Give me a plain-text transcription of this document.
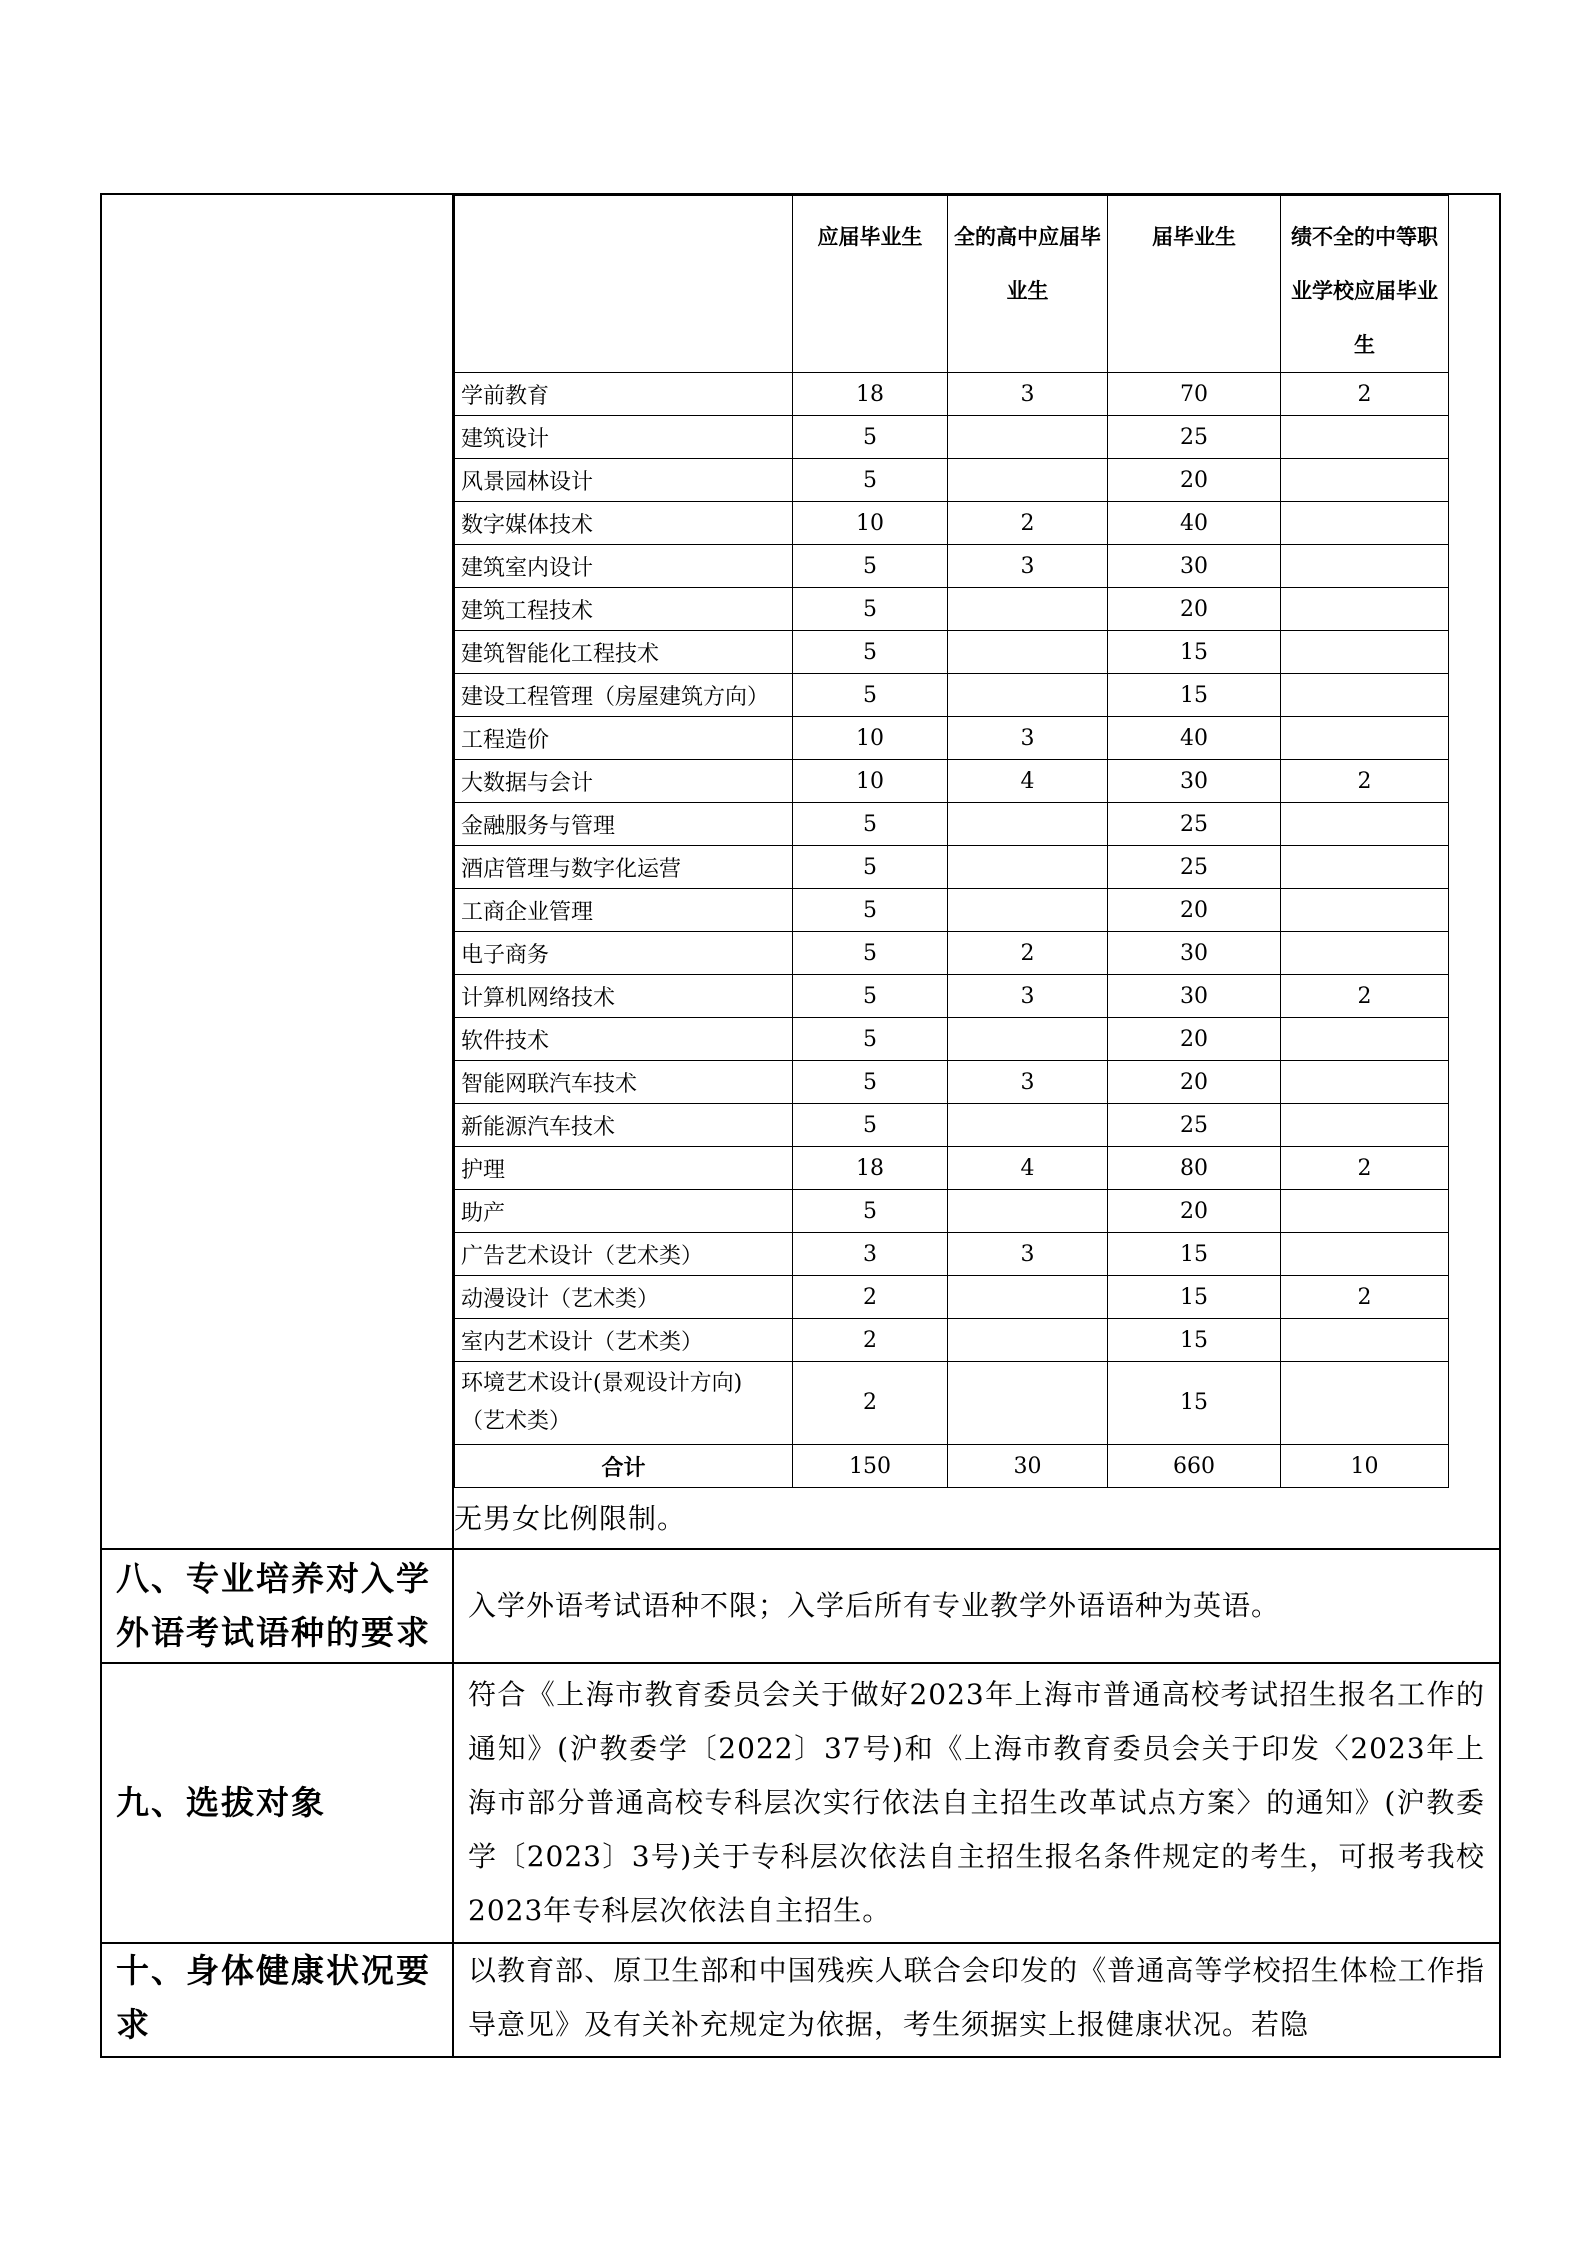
	应届毕业生	全的高中应届毕业生	届毕业生	绩不全的中等职业学校应届毕业生
学前教育	18	3	70	2
建筑设计	5		25	
风景园林设计	5		20	
数字媒体技术	10	2	40	
建筑室内设计	5	3	30	
建筑工程技术	5		20	
建筑智能化工程技术	5		15	
建设工程管理（房屋建筑方向）	5		15	
工程造价	10	3	40	
大数据与会计	10	4	30	2
金融服务与管理	5		25	
酒店管理与数字化运营	5		25	
工商企业管理	5		20	
电子商务	5	2	30	
计算机网络技术	5	3	30	2
软件技术	5		20	
智能网联汽车技术	5	3	20	
新能源汽车技术	5		25	
护理	18	4	80	2
助产	5		20	
广告艺术设计（艺术类）	3	3	15	
动漫设计（艺术类）	2		15	2
室内艺术设计（艺术类）	2		15	
环境艺术设计(景观设计方向)（艺术类）	2		15	
合计	150	30	660	10
无男女比例限制。

八、专业培养对入学外语考试语种的要求	入学外语考试语种不限；入学后所有专业教学外语语种为英语。
九、选拔对象	符合《上海市教育委员会关于做好2023年上海市普通高校考试招生报名工作的通知》(沪教委学〔2022〕37号)和《上海市教育委员会关于印发〈2023年上海市部分普通高校专科层次实行依法自主招生改革试点方案〉的通知》(沪教委学〔2023〕3号)关于专科层次依法自主招生报名条件规定的考生，可报考我校2023年专科层次依法自主招生。
十、身体健康状况要求	以教育部、原卫生部和中国残疾人联合会印发的《普通高等学校招生体检工作指导意见》及有关补充规定为依据，考生须据实上报健康状况。若隐
